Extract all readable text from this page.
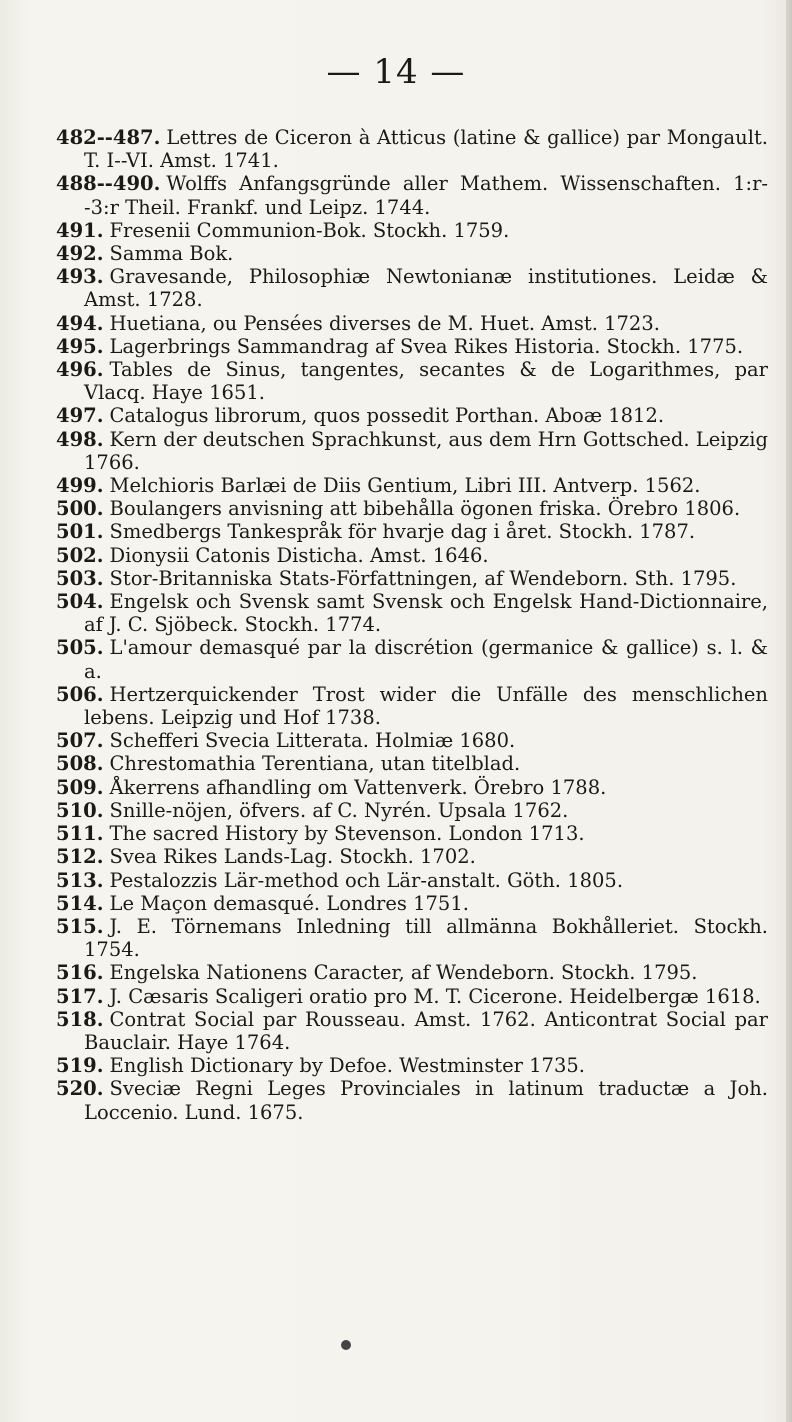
— 14 —
482--487. Lettres de Ciceron à Atticus (latine & gallice) par Mongault. T. I--VI. Amst. 1741.
488--490. Wolffs Anfangsgründe aller Mathem. Wissenschaften. 1:r--3:r Theil. Frankf. und Leipz. 1744.
491. Fresenii Communion-Bok. Stockh. 1759.
492. Samma Bok.
493. Gravesande, Philosophiæ Newtonianæ institutiones. Leidæ & Amst. 1728.
494. Huetiana, ou Pensées diverses de M. Huet. Amst. 1723.
495. Lagerbrings Sammandrag af Svea Rikes Historia. Stockh. 1775.
496. Tables de Sinus, tangentes, secantes & de Logarithmes, par Vlacq. Haye 1651.
497. Catalogus librorum, quos possedit Porthan. Aboæ 1812.
498. Kern der deutschen Sprachkunst, aus dem Hrn Gottsched. Leipzig 1766.
499. Melchioris Barlæi de Diis Gentium, Libri III. Antverp. 1562.
500. Boulangers anvisning att bibehålla ögonen friska. Örebro 1806.
501. Smedbergs Tankespråk för hvarje dag i året. Stockh. 1787.
502. Dionysii Catonis Disticha. Amst. 1646.
503. Stor-Britanniska Stats-Författningen, af Wendeborn. Sth. 1795.
504. Engelsk och Svensk samt Svensk och Engelsk Hand-Dictionnaire, af J. C. Sjöbeck. Stockh. 1774.
505. L'amour demasqué par la discrétion (germanice & gallice) s. l. & a.
506. Hertzerquickender Trost wider die Unfälle des menschlichen lebens. Leipzig und Hof 1738.
507. Schefferi Svecia Litterata. Holmiæ 1680.
508. Chrestomathia Terentiana, utan titelblad.
509. Åkerrens afhandling om Vattenverk. Örebro 1788.
510. Snille-nöjen, öfvers. af C. Nyrén. Upsala 1762.
511. The sacred History by Stevenson. London 1713.
512. Svea Rikes Lands-Lag. Stockh. 1702.
513. Pestalozzis Lär-method och Lär-anstalt. Göth. 1805.
514. Le Maçon demasqué. Londres 1751.
515. J. E. Törnemans Inledning till allmänna Bokhålleriet. Stockh. 1754.
516. Engelska Nationens Caracter, af Wendeborn. Stockh. 1795.
517. J. Cæsaris Scaligeri oratio pro M. T. Cicerone. Heidelbergæ 1618.
518. Contrat Social par Rousseau. Amst. 1762. Anticontrat Social par Bauclair. Haye 1764.
519. English Dictionary by Defoe. Westminster 1735.
520. Sveciæ Regni Leges Provinciales in latinum traductæ a Joh. Loccenio. Lund. 1675.
